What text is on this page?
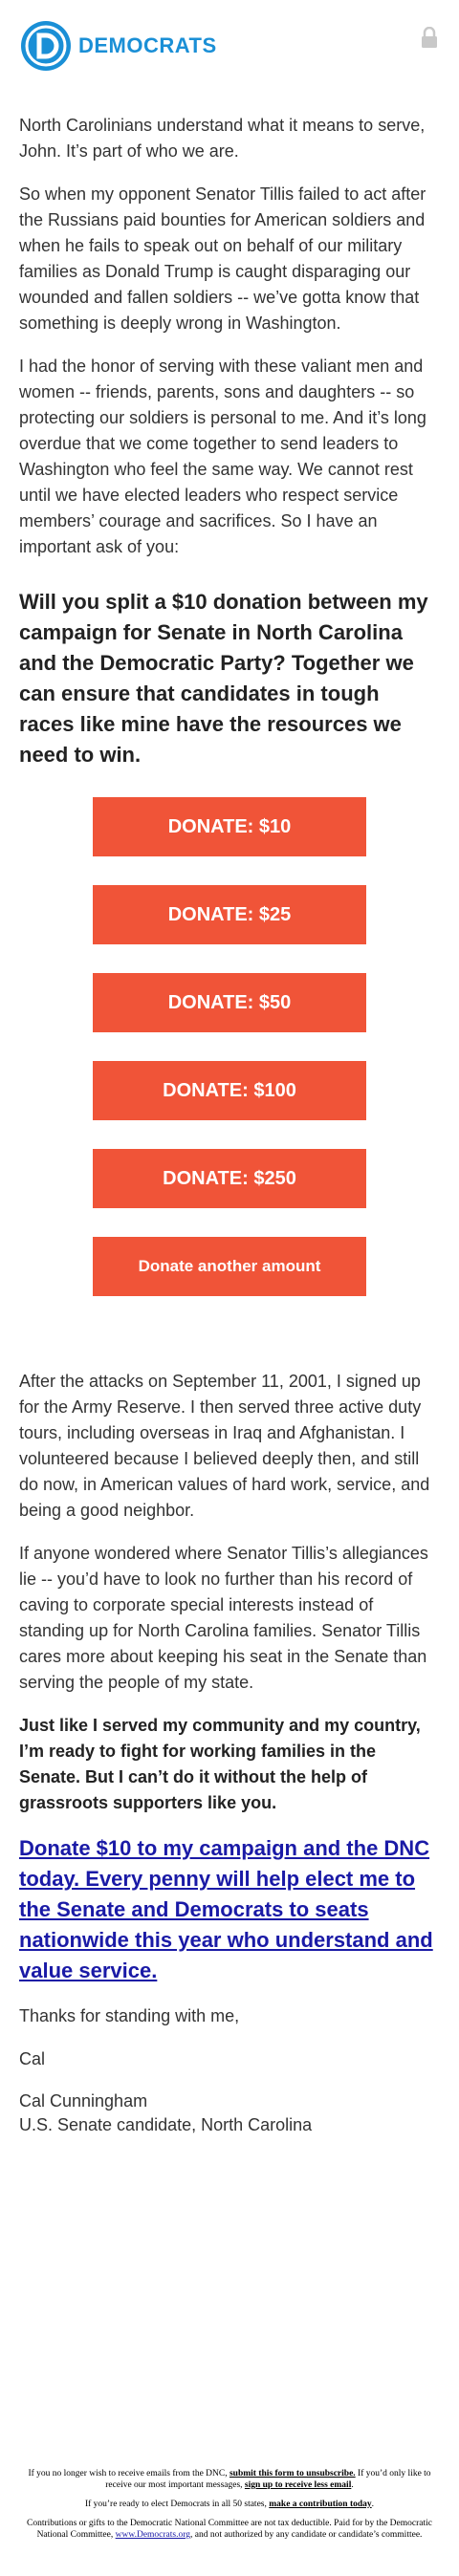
DEMOCRATS

North Carolinians understand what it means to serve, John. It’s part of who we are.

So when my opponent Senator Tillis failed to act after the Russians paid bounties for American soldiers and when he fails to speak out on behalf of our military families as Donald Trump is caught disparaging our wounded and fallen soldiers -- we’ve gotta know that something is deeply wrong in Washington.

I had the honor of serving with these valiant men and women -- friends, parents, sons and daughters -- so protecting our soldiers is personal to me. And it’s long overdue that we come together to send leaders to Washington who feel the same way. We cannot rest until we have elected leaders who respect service members’ courage and sacrifices. So I have an important ask of you:

Will you split a $10 donation between my campaign for Senate in North Carolina and the Democratic Party? Together we can ensure that candidates in tough races like mine have the resources we need to win.

DONATE: $10
DONATE: $25
DONATE: $50
DONATE: $100
DONATE: $250
Donate another amount

After the attacks on September 11, 2001, I signed up for the Army Reserve. I then served three active duty tours, including overseas in Iraq and Afghanistan. I volunteered because I believed deeply then, and still do now, in American values of hard work, service, and being a good neighbor.

If anyone wondered where Senator Tillis’s allegiances lie -- you’d have to look no further than his record of caving to corporate special interests instead of standing up for North Carolina families. Senator Tillis cares more about keeping his seat in the Senate than serving the people of my state.

Just like I served my community and my country, I’m ready to fight for working families in the Senate. But I can’t do it without the help of grassroots supporters like you.

Donate $10 to my campaign and the DNC today. Every penny will help elect me to the Senate and Democrats to seats nationwide this year who understand and value service.

Thanks for standing with me,

Cal

Cal Cunningham
U.S. Senate candidate, North Carolina

If you no longer wish to receive emails from the DNC, submit this form to unsubscribe. If you’d only like to receive our most important messages, sign up to receive less email.

If you’re ready to elect Democrats in all 50 states, make a contribution today.

Contributions or gifts to the Democratic National Committee are not tax deductible. Paid for by the Democratic National Committee, www.Democrats.org, and not authorized by any candidate or candidate’s committee.
